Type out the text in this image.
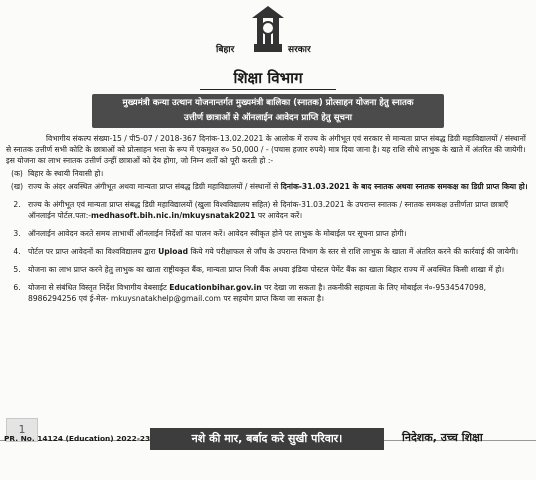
बिहार	सरकार
शिक्षा विभाग
मुख्यमंत्री कन्या उत्थान योजनान्तर्गत मुख्यमंत्री बालिका (स्नातक) प्रोत्साहन योजना हेतु स्नातक
उत्तीर्ण छात्राओं से ऑनलाईन आवेदन प्राप्ति हेतु सूचना

विभागीय संकल्प संख्या-15 / पी5-07 / 2018-367 दिनांक-13.02.2021 के आलोक में राज्य के अंगीभूत एवं सरकार से मान्यता प्राप्त संबद्ध डिग्री महाविद्यालयों / संस्थानों से स्नातक उत्तीर्ण सभी कोटि के छात्राओं को प्रोत्साहन भत्ता के रूप में एकमुश्त रु० 50,000 / - (पचास हजार रुपये) मात्र दिया जाना है। यह राशि सीधे लाभुक के खाते में अंतरित की जायेगी। इस योजना का लाभ स्नातक उत्तीर्ण उन्हीं छात्राओं को देय होगा, जो निम्न शर्तों को पूरी करती हो :-

(क) बिहार के स्थायी निवासी हो।
(ख) राज्य के अंदर अवस्थित अंगीभूत अथवा मान्यता प्राप्त संबद्ध डिग्री महाविद्यालयों / संस्थानों से दिनांक-31.03.2021 के बाद स्नातक अथवा स्नातक समकक्ष का डिग्री प्राप्त किया हो।
2. राज्य के अंगीभूत एवं मान्यता प्राप्त संबद्ध डिग्री महाविद्यालयों (खुला विश्वविद्यालय सहित) से दिनांक-31.03.2021 के उपरान्त स्नातक / स्नातक समकक्ष उत्तीर्णता प्राप्त छात्राएँ ऑनलाईन पोर्टल.पता:-medhasoft.bih.nic.in/mkuysnatak2021 पर आवेदन करें।
3. ऑनलाईन आवेदन करते समय लाभार्थी ऑनलाईन निर्देशों का पालन करें। आवेदन स्वीकृत होने पर लाभुक के मोबाईल पर सूचना प्राप्त होगी।
4. पोर्टल पर प्राप्त आवेदनों का विश्वविद्यालय द्वारा Upload किये गये परीक्षाफल से जाँच के उपरान्त विभाग के स्तर से राशि लाभुक के खाता में अंतरित करने की कार्रवाई की जायेगी।
5. योजना का लाभ प्राप्त करने हेतु लाभुक का खाता राष्ट्रीयकृत बैंक, मान्यता प्राप्त निजी बैंक अथवा इंडिया पोस्टल पेमेंट बैंक का खाता बिहार राज्य में अवस्थित किसी शाखा में हो।
6. योजना से संबंधित विस्तृत निर्देश विभागीय वेबसाईट Educationbihar.gov.in पर देखा जा सकता है। तकनीकी सहायता के लिए मोबाईल नं०-9534547098, 8986294256 एवं ई-मेल- mkuysnatakhelp@gmail.com पर सहयोग प्राप्त किया जा सकता है।
1
PR. No. 14124 (Education) 2022-23	नशे की मार, बर्बाद करे सुखी परिवार।	निदेशक, उच्च शिक्षा
